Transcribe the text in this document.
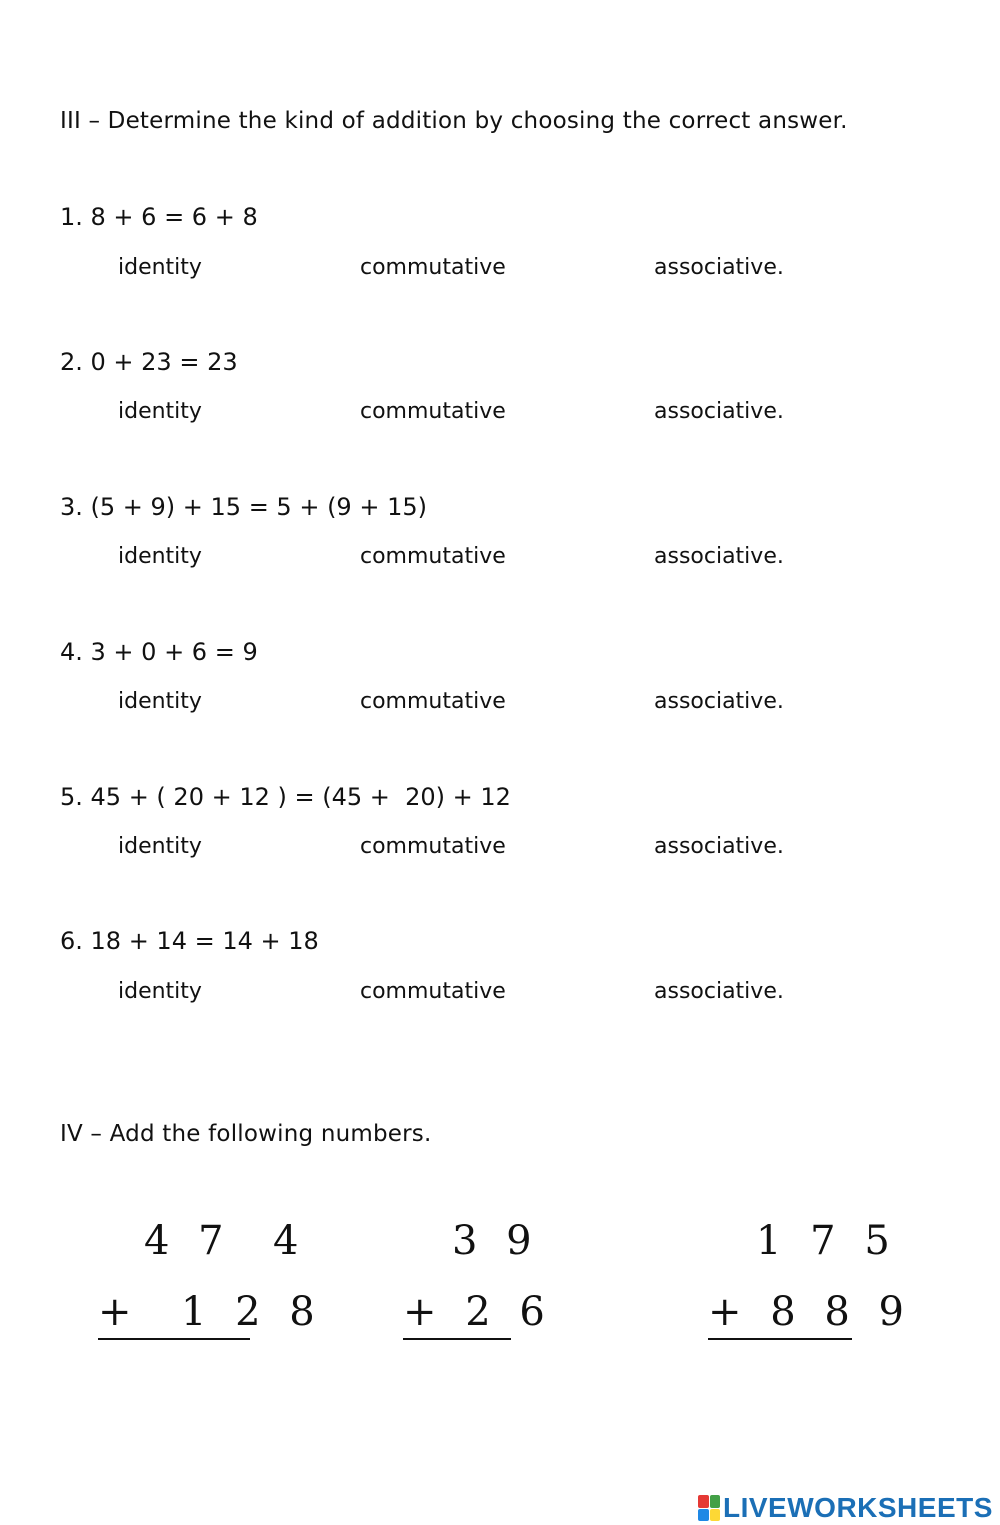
III – Determine the kind of addition by choosing the correct answer.
1. 8 + 6 = 6 + 8
identity	commutative	associative.
2. 0 + 23 = 23
identity	commutative	associative.
3. (5 + 9) + 15 = 5 + (9 + 15)
identity	commutative	associative.
4. 3 + 0 + 6 = 9
identity	commutative	associative.
5. 45 + ( 20 + 12 ) = (45 +  20) + 12
identity	commutative	associative.
6. 18 + 14 = 14 + 18
identity	commutative	associative.
IV – Add the following numbers.
4 7  4
+  1 2 8
3 9
+ 2 6
1 7 5
+ 8 8 9
LIVEWORKSHEETS
